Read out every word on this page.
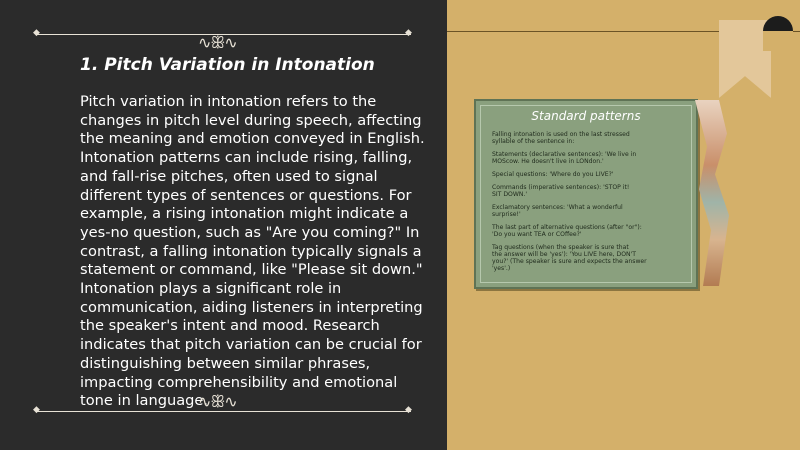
◆	◆
∿ꕥ∿
1. Pitch Variation in Intonation

Pitch variation in intonation refers to the changes in pitch level during speech, affecting the meaning and emotion conveyed in English. Intonation patterns can include rising, falling, and fall-rise pitches, often used to signal different types of sentences or questions. For example, a rising intonation might indicate a yes-no question, such as "Are you coming?" In contrast, a falling intonation typically signals a statement or command, like "Please sit down." Intonation plays a significant role in communication, aiding listeners in interpreting the speaker's intent and mood. Research indicates that pitch variation can be crucial for distinguishing between similar phrases, impacting comprehensibility and emotional tone in language.

◆	◆
∿ꕥ∿
Standard patterns
Falling intonation is used on the last stressed
syllable of the sentence in:
Statements (declarative sentences): 'We live in
MOScow. He doesn't live in LONdon.'
Special questions: 'Where do you LIVE?'
Commands (imperative sentences): 'STOP it!
SIT DOWN.'
Exclamatory sentences: 'What a wonderful
surprise!'
The last part of alternative questions (after "or"):
'Do you want TEA or COffee?'
Tag questions (when the speaker is sure that
the answer will be 'yes'): 'You LIVE here, DON'T
you?' (The speaker is sure and expects the answer
'yes'.)
